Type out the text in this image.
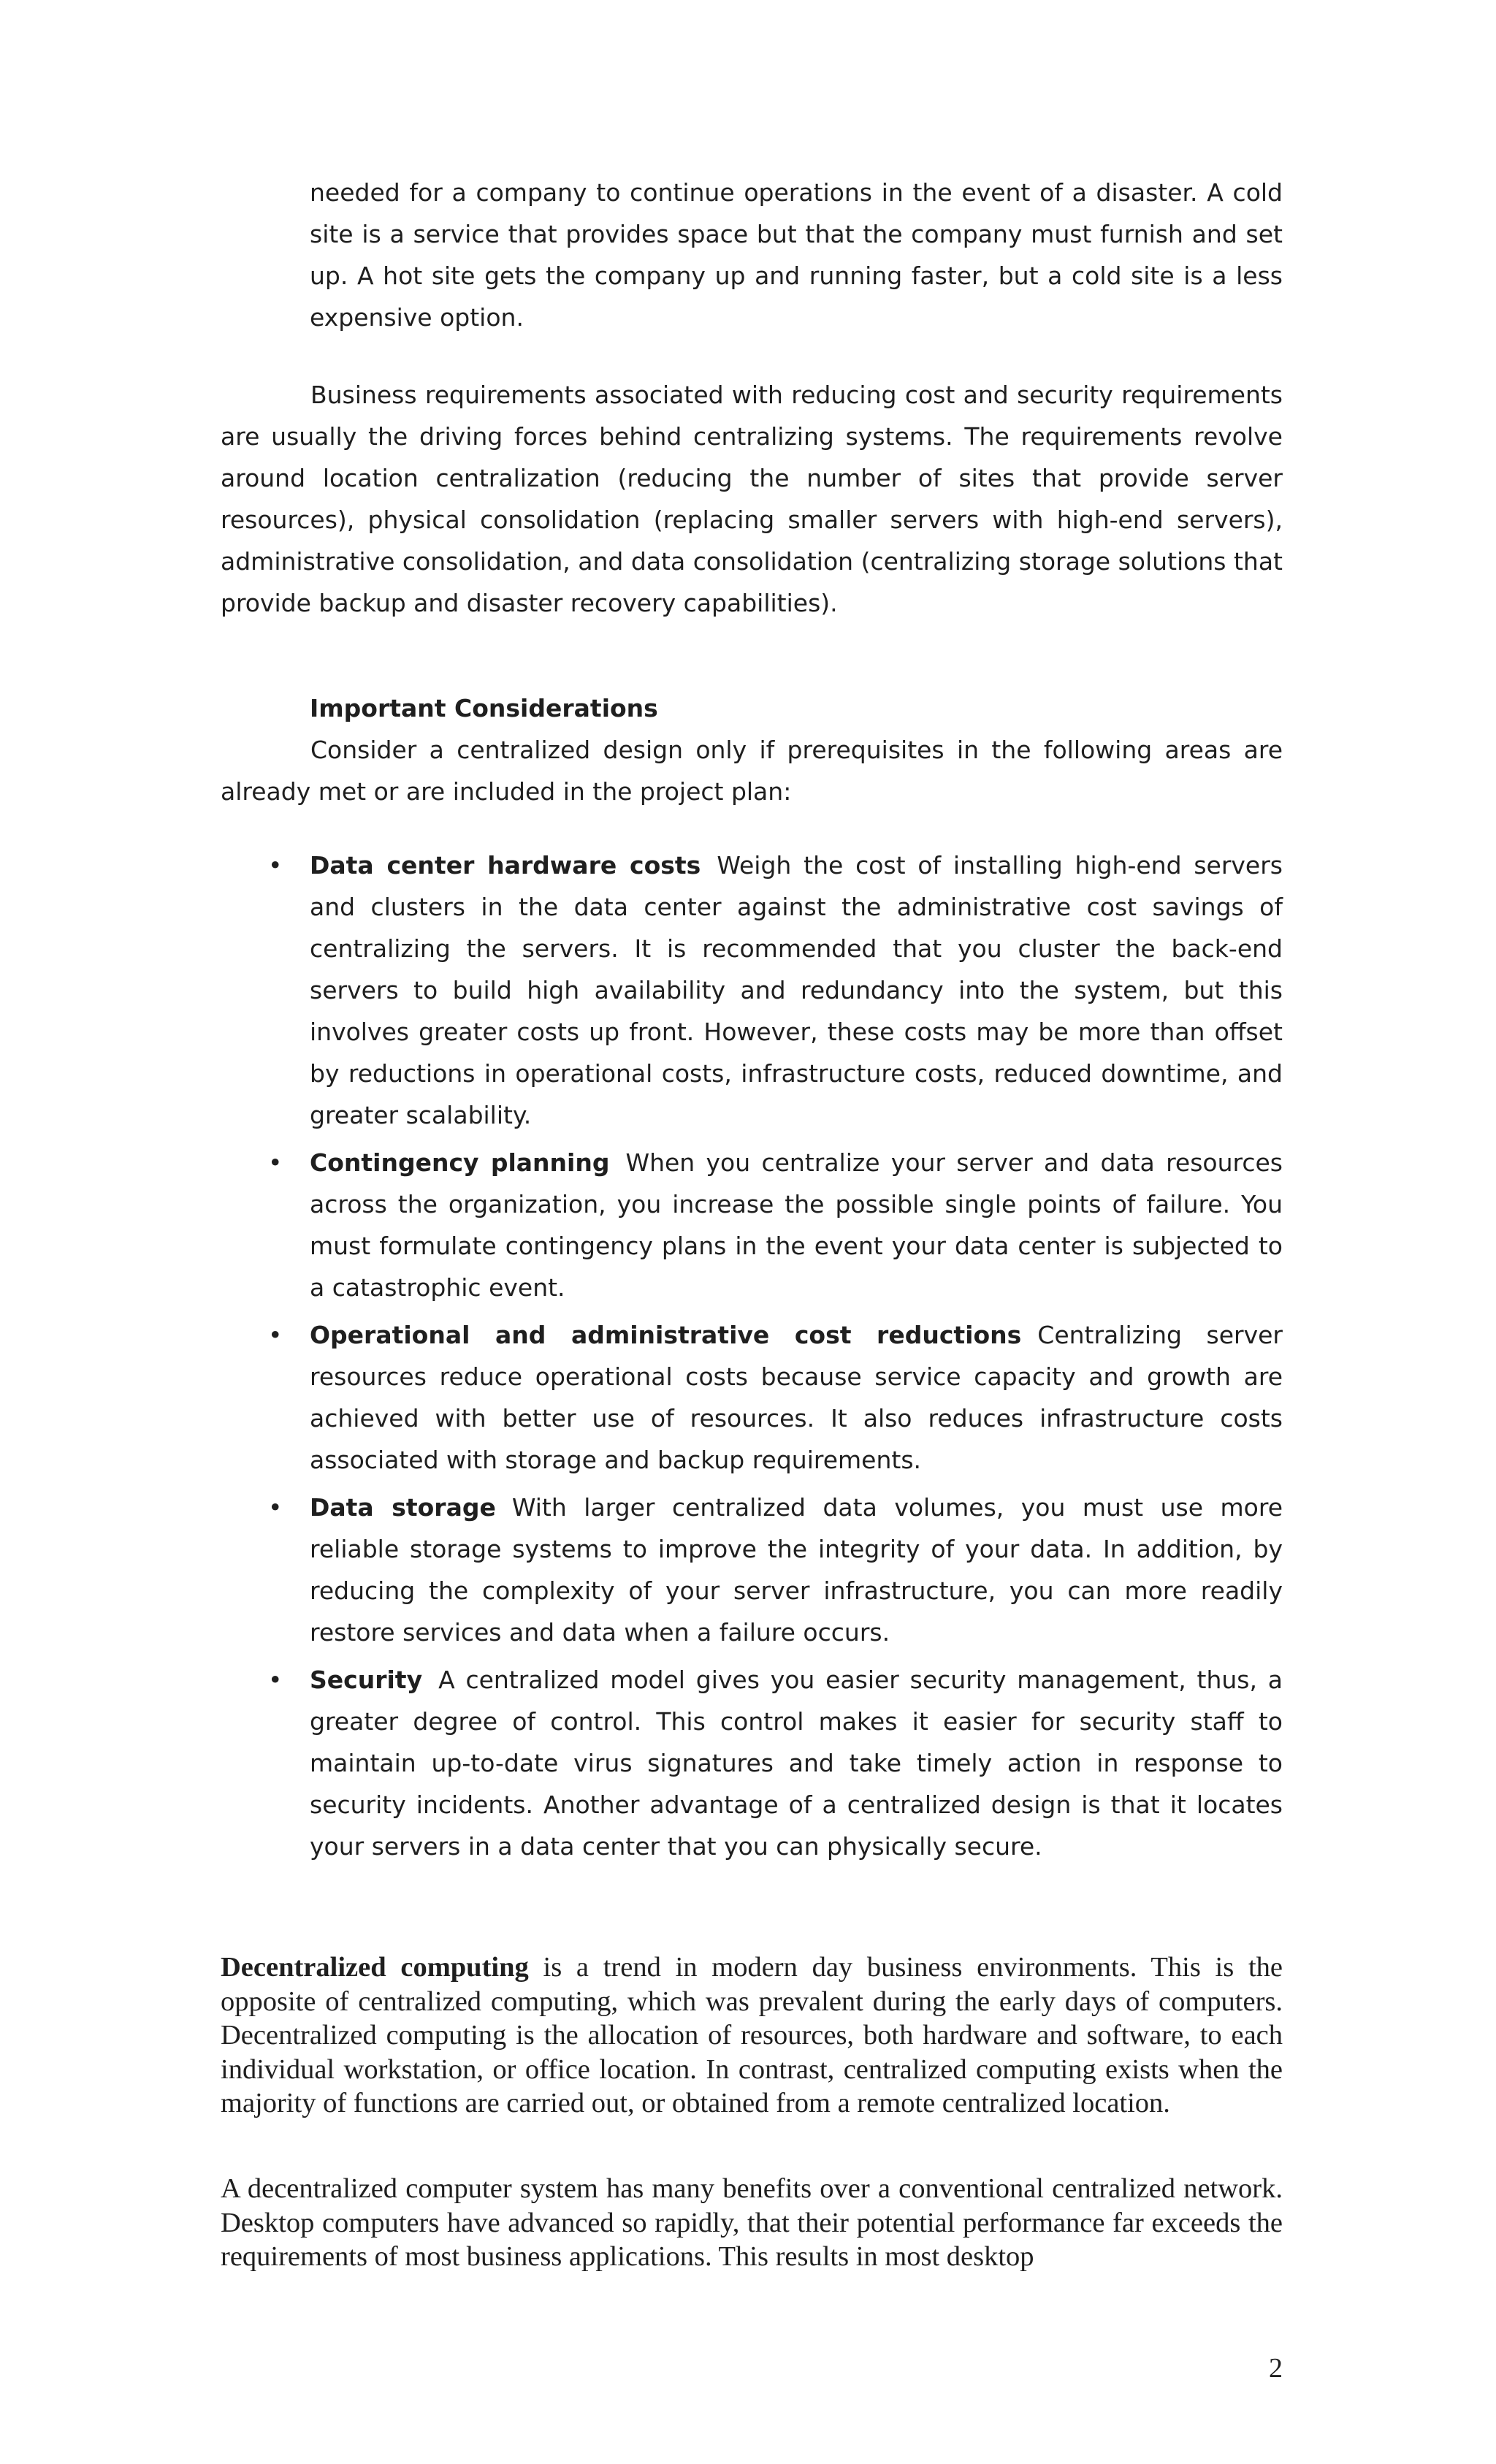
needed for a company to continue operations in the event of a disaster. A cold site is a service that provides space but that the company must furnish and set up. A hot site gets the company up and running faster, but a cold site is a less expensive option.

Business requirements associated with reducing cost and security requirements are usually the driving forces behind centralizing systems. The requirements revolve around location centralization (reducing the number of sites that provide server resources), physical consolidation (replacing smaller servers with high-end servers), administrative consolidation, and data consolidation (centralizing storage solutions that provide backup and disaster recovery capabilities).

Important Considerations

Consider a centralized design only if prerequisites in the following areas are already met or are included in the project plan:

• Data center hardware costs Weigh the cost of installing high-end servers and clusters in the data center against the administrative cost savings of centralizing the servers. It is recommended that you cluster the back-end servers to build high availability and redundancy into the system, but this involves greater costs up front. However, these costs may be more than offset by reductions in operational costs, infrastructure costs, reduced downtime, and greater scalability.
• Contingency planning When you centralize your server and data resources across the organization, you increase the possible single points of failure. You must formulate contingency plans in the event your data center is subjected to a catastrophic event.
• Operational and administrative cost reductions Centralizing server resources reduce operational costs because service capacity and growth are achieved with better use of resources. It also reduces infrastructure costs associated with storage and backup requirements.
• Data storage With larger centralized data volumes, you must use more reliable storage systems to improve the integrity of your data. In addition, by reducing the complexity of your server infrastructure, you can more readily restore services and data when a failure occurs.
• Security A centralized model gives you easier security management, thus, a greater degree of control. This control makes it easier for security staff to maintain up-to-date virus signatures and take timely action in response to security incidents. Another advantage of a centralized design is that it locates your servers in a data center that you can physically secure.

Decentralized computing is a trend in modern day business environments. This is the opposite of centralized computing, which was prevalent during the early days of computers. Decentralized computing is the allocation of resources, both hardware and software, to each individual workstation, or office location. In contrast, centralized computing exists when the majority of functions are carried out, or obtained from a remote centralized location.

A decentralized computer system has many benefits over a conventional centralized network. Desktop computers have advanced so rapidly, that their potential performance far exceeds the requirements of most business applications. This results in most desktop

2
